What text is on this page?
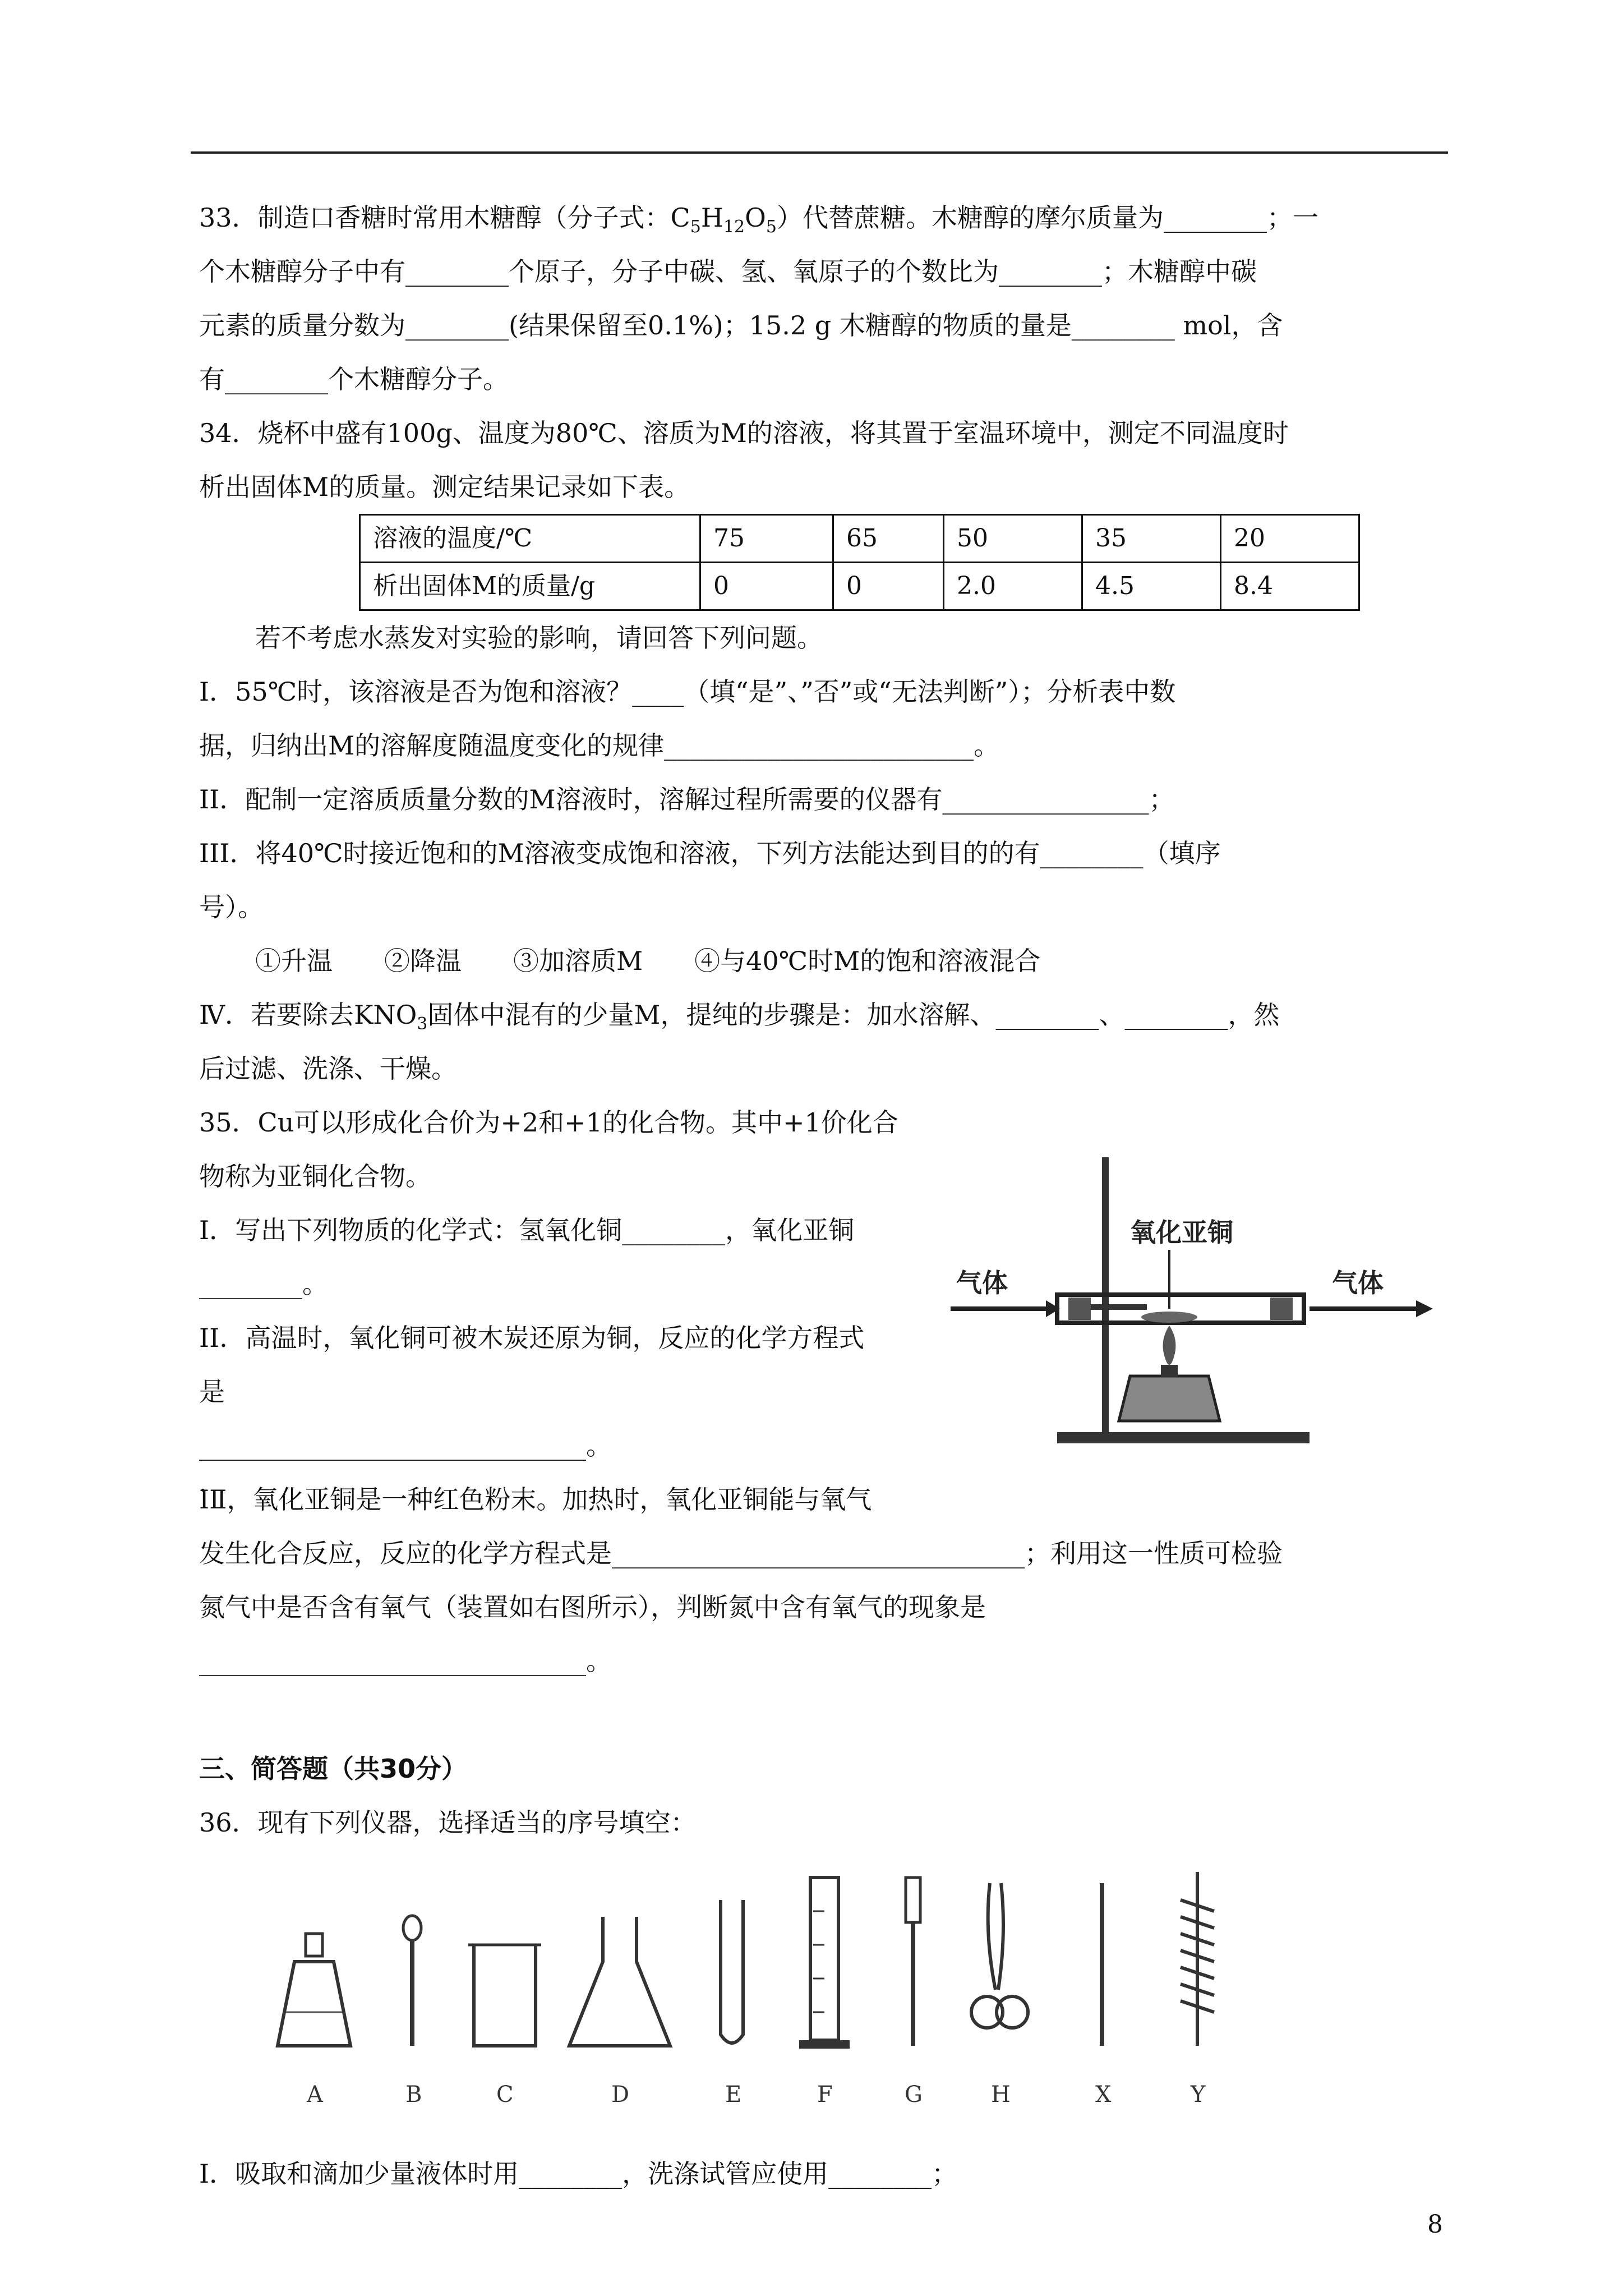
33．制造口香糖时常用木糖醇（分子式：$C_5H_{12}O_5$）代替蔗糖。木糖醇的摩尔质量为________；一

个木糖醇分子中有________个原子，分子中碳、氢、氧原子的个数比为________；木糖醇中碳

元素的质量分数为________(结果保留至0.1%)；15.2 g 木糖醇的物质的量是________ mol，含

有________个木糖醇分子。

34．烧杯中盛有100g、温度为80℃、溶质为M的溶液，将其置于室温环境中，测定不同温度时

析出固体M的质量。测定结果记录如下表。

溶液的温度/℃	75	65	50	35	20
析出固体M的质量/g	0	0	2.0	4.5	8.4

若不考虑水蒸发对实验的影响，请回答下列问题。

I．55℃时，该溶液是否为饱和溶液？____（填“是”、”否”或“无法判断”）；分析表中数

据，归纳出M的溶解度随温度变化的规律________________________。

II．配制一定溶质质量分数的M溶液时，溶解过程所需要的仪器有________________；

III．将40℃时接近饱和的M溶液变成饱和溶液，下列方法能达到目的的有________（填序

号）。

①升温　　②降温　　③加溶质M　　④与40℃时M的饱和溶液混合

Ⅳ．若要除去$KNO_3$固体中混有的少量M，提纯的步骤是：加水溶解、________、________，然

后过滤、洗涤、干燥。

35．Cu可以形成化合价为+2和+1的化合物。其中+1价化合

物称为亚铜化合物。

I．写出下列物质的化学式：氢氧化铜________，氧化亚铜

________。

II．高温时，氧化铜可被木炭还原为铜，反应的化学方程式

是

______________________________。

Ⅰ̇Ⅱ，氧化亚铜是一种红色粉末。加热时，氧化亚铜能与氧气

氧化亚铜
气体	气体

发生化合反应，反应的化学方程式是________________________________；利用这一性质可检验

氮气中是否含有氧气（装置如右图所示），判断氮中含有氧气的现象是

______________________________。

三、简答题（共30分）

36．现有下列仪器，选择适当的序号填空：

A	B	C	D	E	F	G	H	X	Y

I．吸取和滴加少量液体时用________，洗涤试管应使用________；

8
